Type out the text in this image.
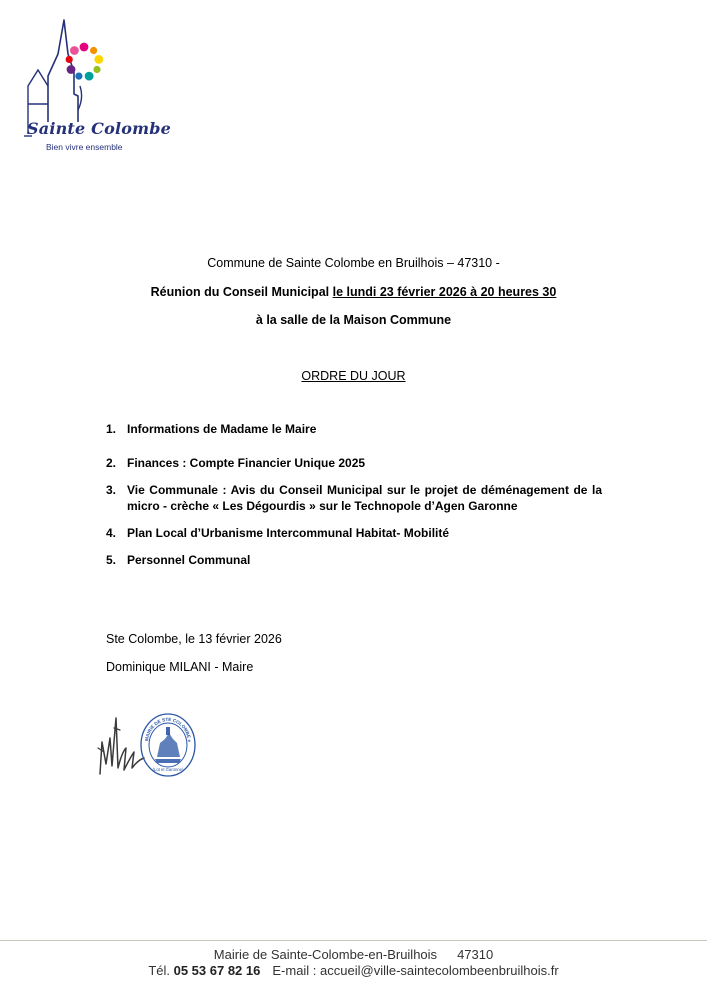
Sainte Colombe
Bien vivre ensemble
Commune de Sainte Colombe en Bruilhois – 47310 -
Réunion du Conseil Municipal le lundi 23 février 2026 à 20 heures 30
à la salle de la Maison Commune
ORDRE DU JOUR
1. Informations de Madame le Maire
2. Finances : Compte Financier Unique 2025
3. Vie Communale : Avis du Conseil Municipal sur le projet de déménagement de la micro - crèche « Les Dégourdis » sur le Technopole d’Agen Garonne
4. Plan Local d’Urbanisme Intercommunal Habitat- Mobilité
5. Personnel Communal
Ste Colombe, le 13 février 2026
Dominique MILANI - Maire
MAIRIE DE STE COLOMBE e
(Lot et Garonne)
Mairie de Sainte-Colombe-en-Bruilhois 47310
Tél. 05 53 67 82 16 E-mail : accueil@ville-saintecolombeenbruilhois.fr
